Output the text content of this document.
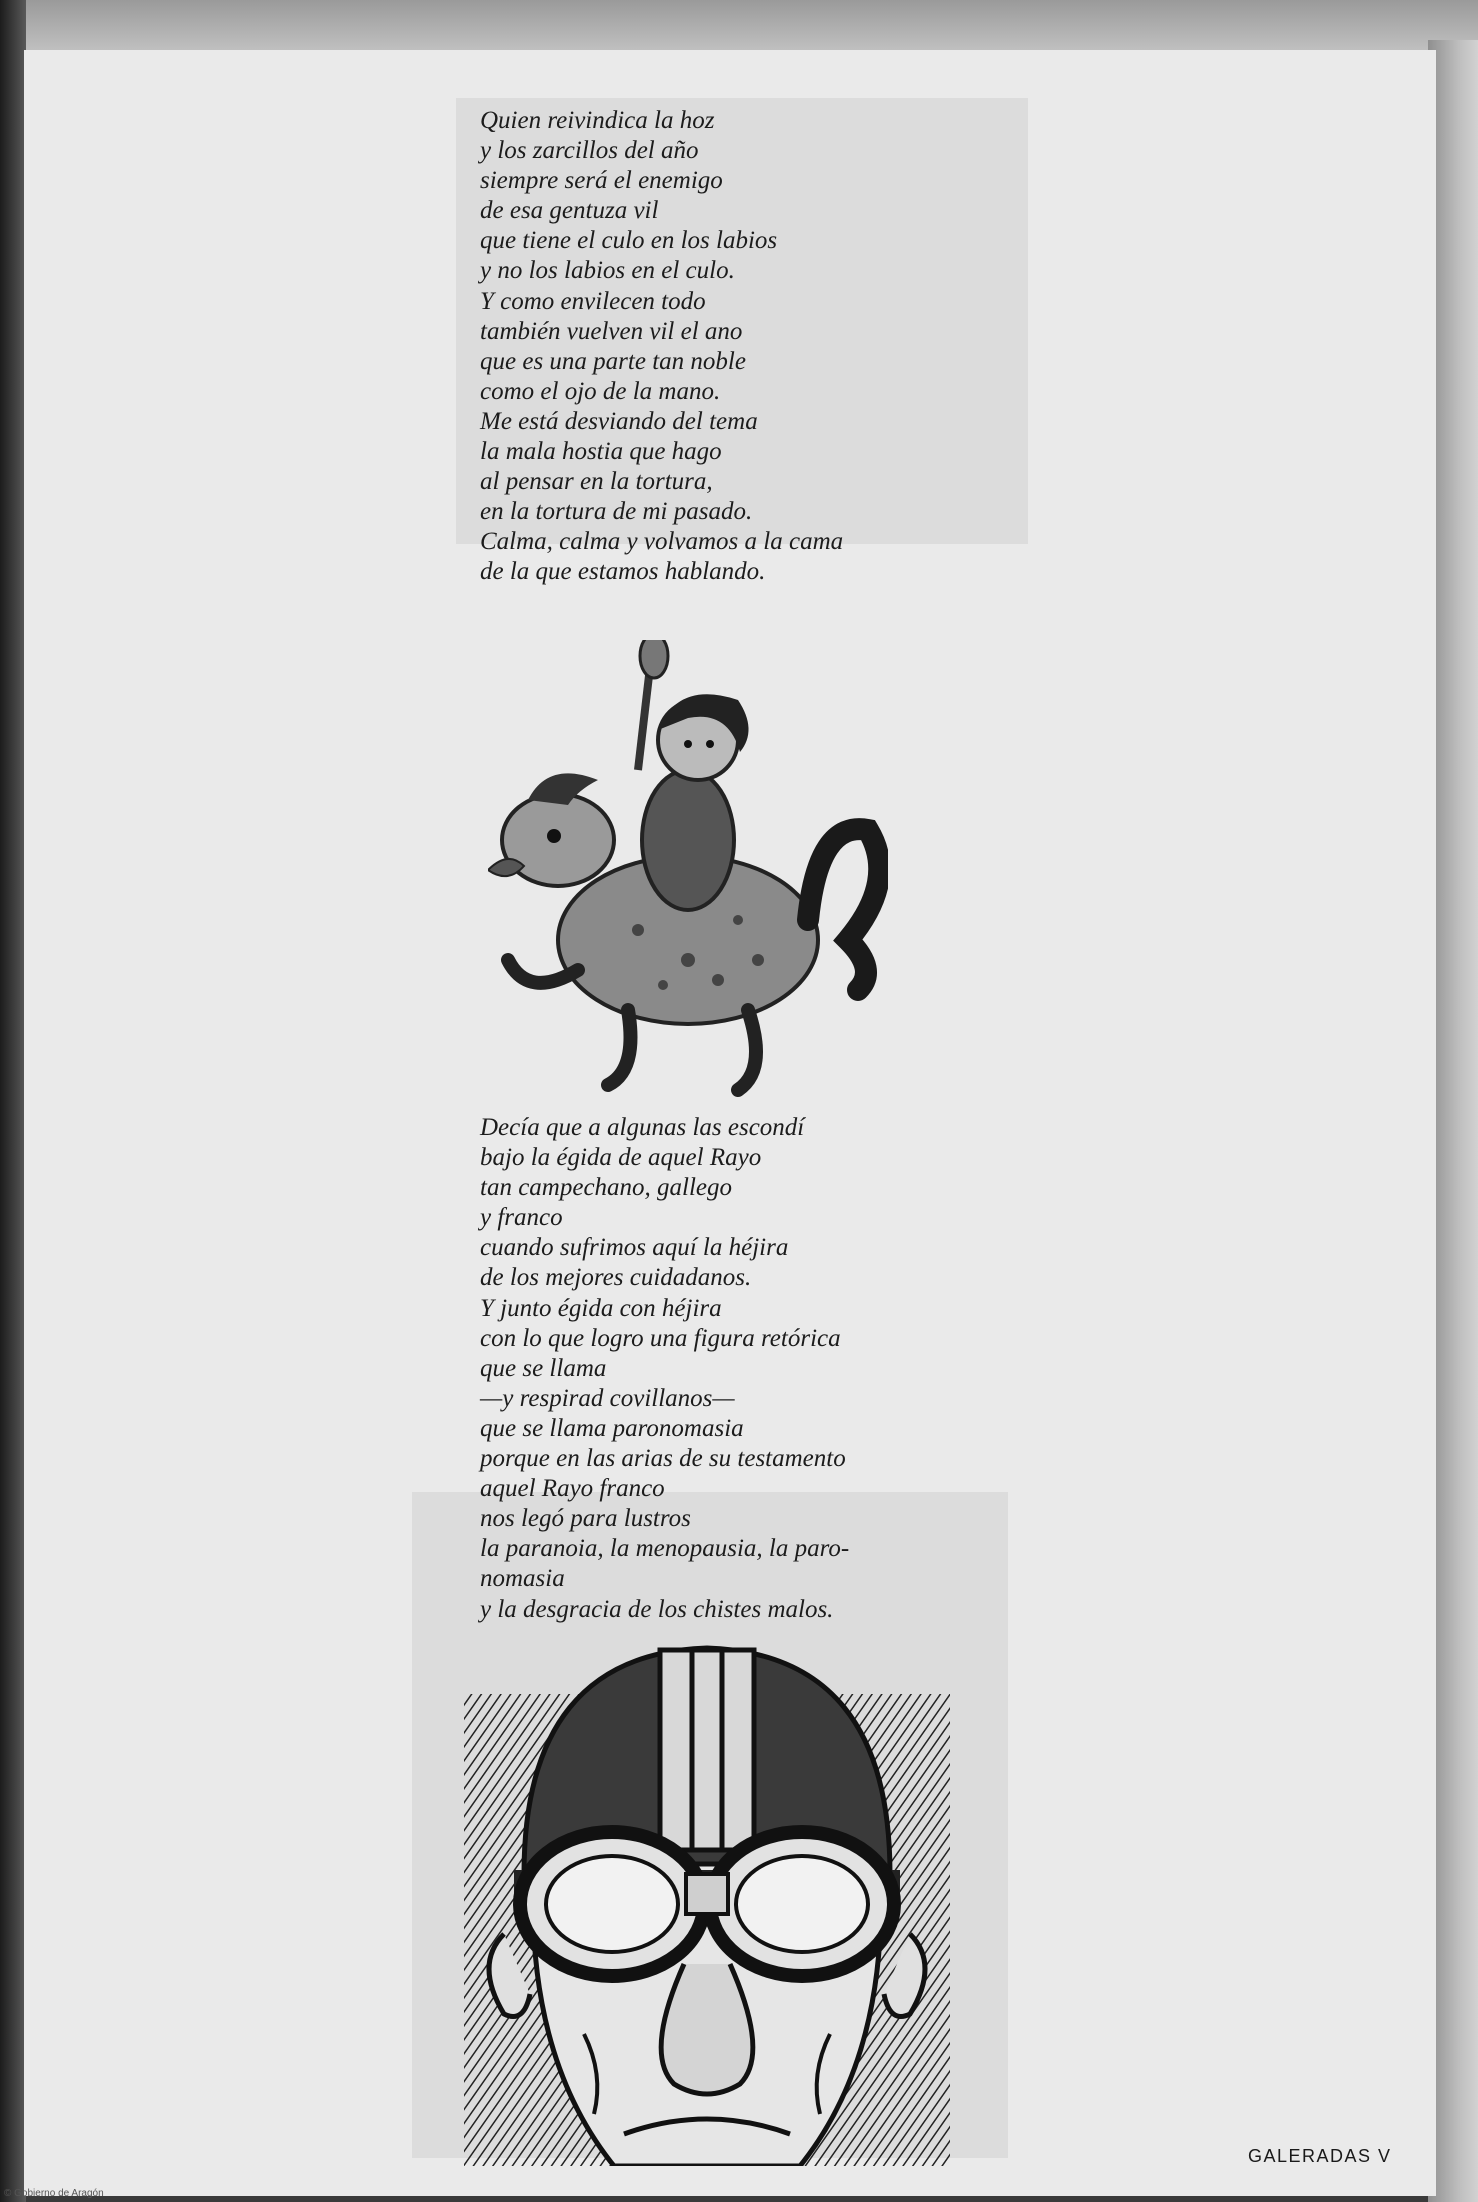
Quien reivindica la hoz
y los zarcillos del año
siempre será el enemigo
de esa gentuza vil
que tiene el culo en los labios
y no los labios en el culo.
Y como envilecen todo
también vuelven vil el ano
que es una parte tan noble
como el ojo de la mano.
Me está desviando del tema
la mala hostia que hago
al pensar en la tortura,
en la tortura de mi pasado.
Calma, calma y volvamos a la cama
de la que estamos hablando.
Decía que a algunas las escondí
bajo la égida de aquel Rayo
tan campechano, gallego
y franco
cuando sufrimos aquí la héjira
de los mejores cuidadanos.
Y junto égida con héjira
con lo que logro una figura retórica
que se llama
—y respirad covillanos—
que se llama paronomasia
porque en las arias de su testamento
aquel Rayo franco
nos legó para lustros
la paranoia, la menopausia, la paro-
nomasia
y la desgracia de los chistes malos.
GALERADAS V
© Gobierno de Aragón
